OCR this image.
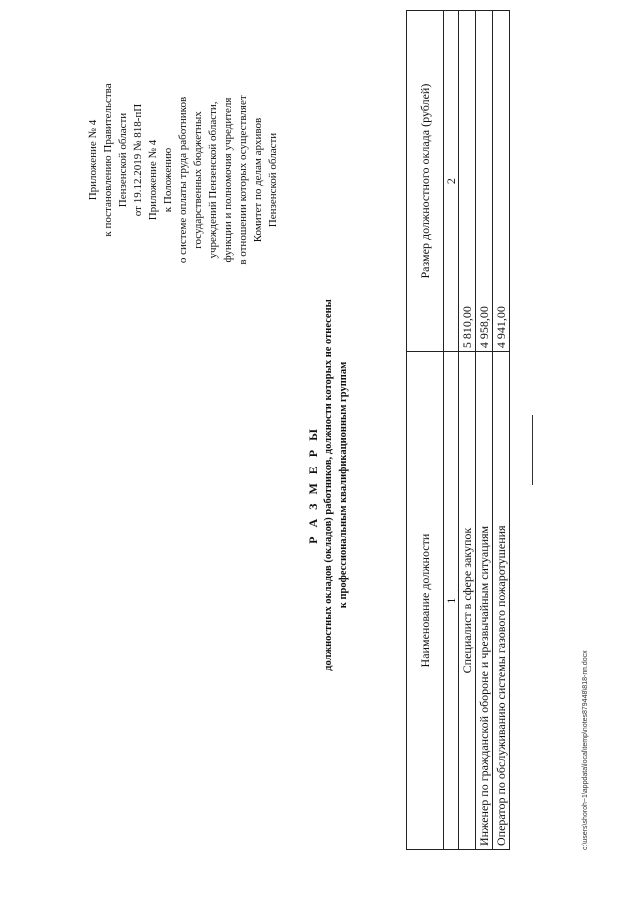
Приложение № 4 к постановлению Правительства Пензенской области от 19.12.2019 № 818-пП Приложение № 4 к Положению о системе оплаты труда работников государственных бюджетных учреждений Пензенской области, функции и полномочия учредителя в отношении которых осуществляет Комитет по делам архивов Пензенской области
Р А З М Е Р Ы должностных окладов (окладов) работников, должности которых не отнесены к профессиональным квалификационным группам	Наименование должности	Размер должностного оклада (рублей)
1	2
Специалист в сфере закупок	5 810,00
Инженер по гражданской обороне и чрезвычайным ситуациям	4 958,00
Оператор по обслуживанию системы газового пожаротушения	4 941,00
c:\users\shoroh~1\appdata\local\temp\notes879448\818-пп.docx
